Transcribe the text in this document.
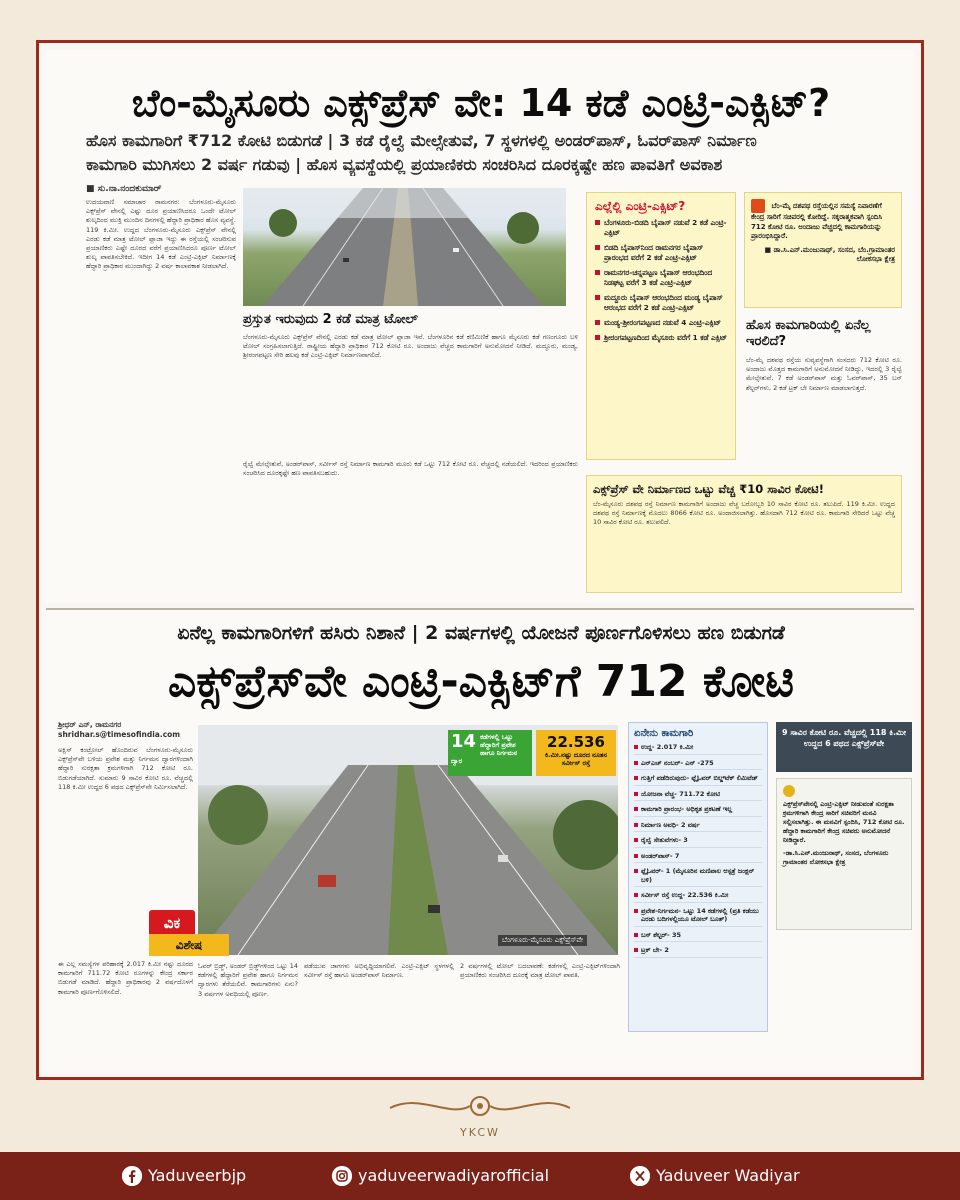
ಬೆಂ-ಮೈಸೂರು ಎಕ್ಸ್‌ಪ್ರೆಸ್ ವೇ: 14 ಕಡೆ ಎಂಟ್ರಿ-ಎಕ್ಸಿಟ್?
ಹೊಸ ಕಾಮಗಾರಿಗೆ ₹712 ಕೋಟಿ ಬಿಡುಗಡೆ | 3 ಕಡೆ ರೈಲ್ವೆ ಮೇಲ್ಸೇತುವೆ, 7 ಸ್ಥಳಗಳಲ್ಲಿ ಅಂಡರ್‌ಪಾಸ್, ಓವರ್‌ಪಾಸ್ ನಿರ್ಮಾಣ
ಕಾಮಗಾರಿ ಮುಗಿಸಲು 2 ವರ್ಷ ಗಡುವು | ಹೊಸ ವ್ಯವಸ್ಥೆಯಲ್ಲಿ ಪ್ರಯಾಣಿಕರು ಸಂಚರಿಸಿದ ದೂರಕ್ಕಷ್ಟೇ ಹಣ ಪಾವತಿಗೆ ಅವಕಾಶ
■ ಸು.ನಾ.ನಂದಕುಮಾರ್
ಉದಯವಾಣಿ ಸಮಾಚಾರ ರಾಮನಗರ: ಬೆಂಗಳೂರು-ಮೈಸೂರು ಎಕ್ಸ್‌ಪ್ರೆಸ್ ವೇನಲ್ಲಿ ಎಷ್ಟು ದೂರ ಪ್ರಯಾಣಿಸಿದರೂ ಒಂದೇ ಟೋಲ್ ಶುಲ್ಕದಿಂದ ಮುಕ್ತಿ ಮುಂದಿನ ದಿನಗಳಲ್ಲಿ ಹೆದ್ದಾರಿ ಪ್ರಾಧಿಕಾರ ಹೊಸ ವ್ಯವಸ್ಥೆ. 119 ಕಿ.ಮೀ. ಉದ್ದದ ಬೆಂಗಳೂರು-ಮೈಸೂರು ಎಕ್ಸ್‌ಪ್ರೆಸ್ ವೇನಲ್ಲಿ ಎರಡು ಕಡೆ ಮಾತ್ರ ಟೋಲ್ ಪ್ಲಾಜಾ ಇದ್ದು ಈ ರಸ್ತೆಯಲ್ಲಿ ಸಂಚರಿಸುವ ಪ್ರಯಾಣಿಕರು ಎಷ್ಟೇ ದೂರದ ವರೆಗೆ ಪ್ರಯಾಣಿಸಿದರೂ ಪೂರ್ಣ ಟೋಲ್ ಶುಲ್ಕ ಪಾವತಿಸಬೇಕಿದೆ. ಇದೀಗ 14 ಕಡೆ ಎಂಟ್ರಿ-ಎಕ್ಸಿಟ್ ನಿರ್ಮಾಣಕ್ಕೆ ಹೆದ್ದಾರಿ ಪ್ರಾಧಿಕಾರ ಮುಂದಾಗಿದ್ದು 2 ವರ್ಷ ಕಾಲಾವಕಾಶ ನೀಡಲಾಗಿದೆ.
ಪ್ರಸ್ತುತ ಇರುವುದು 2 ಕಡೆ ಮಾತ್ರ ಟೋಲ್
ಬೆಂಗಳೂರು-ಮೈಸೂರು ಎಕ್ಸ್‌ಪ್ರೆಸ್ ವೇನಲ್ಲಿ ಎರಡು ಕಡೆ ಮಾತ್ರ ಟೋಲ್ ಪ್ಲಾಜಾ ಇವೆ. ಬೆಂಗಳೂರಿನ ಕಡೆ ಕಣಿಮಿಣಿಕೆ ಹಾಗೂ ಮೈಸೂರು ಕಡೆ ಗಣಂಗೂರು ಬಳಿ ಟೋಲ್ ಸಂಗ್ರಹಿಸಲಾಗುತ್ತಿದೆ. ರಾಷ್ಟ್ರೀಯ ಹೆದ್ದಾರಿ ಪ್ರಾಧಿಕಾರ 712 ಕೋಟಿ ರೂ. ಅಂದಾಜು ವೆಚ್ಚದ ಕಾಮಗಾರಿಗೆ ಅನುಮೋದನೆ ನೀಡಿದೆ. ಮದ್ದೂರು, ಮಂಡ್ಯ, ಶ್ರೀರಂಗಪಟ್ಟಣ ಸೇರಿ ಹಲವು ಕಡೆ ಎಂಟ್ರಿ-ಎಕ್ಸಿಟ್ ನಿರ್ಮಾಣವಾಗಲಿದೆ.
ರೈಲ್ವೆ ಮೇಲ್ಸೇತುವೆ, ಅಂಡರ್‌ಪಾಸ್, ಸರ್ವೀಸ್ ರಸ್ತೆ ನಿರ್ಮಾಣ ಕಾಮಗಾರಿ ಮೂರು ಕಡೆ ಒಟ್ಟು 712 ಕೋಟಿ ರೂ. ವೆಚ್ಚದಲ್ಲಿ ನಡೆಯಲಿದೆ. ಇದರಿಂದ ಪ್ರಯಾಣಿಕರು ಸಂಚರಿಸಿದ ದೂರಕ್ಕಷ್ಟೇ ಹಣ ಪಾವತಿಸಬಹುದು.
ಎಲ್ಲೆಲ್ಲಿ ಎಂಟ್ರಿ-ಎಕ್ಸಿಟ್?
ಬೆಂಗಳೂರು-ಬಿಡದಿ ಬೈಪಾಸ್ ನಡುವೆ 2 ಕಡೆ ಎಂಟ್ರಿ-ಎಕ್ಸಿಟ್
ಬಿಡದಿ ಬೈಪಾಸ್‌ನಿಂದ ರಾಮನಗರ ಬೈಪಾಸ್ ಪ್ರಾರಂಭದ ವರೆಗೆ 2 ಕಡೆ ಎಂಟ್ರಿ-ಎಕ್ಸಿಟ್
ರಾಮನಗರ-ಚನ್ನಪಟ್ಟಣ ಬೈಪಾಸ್ ಆರಂಭದಿಂದ ನಿಡಘಟ್ಟ ವರೆಗೆ 3 ಕಡೆ ಎಂಟ್ರಿ-ಎಕ್ಸಿಟ್
ಮದ್ದೂರು ಬೈಪಾಸ್ ಆರಂಭದಿಂದ ಮಂಡ್ಯ ಬೈಪಾಸ್ ಆರಂಭದ ವರೆಗೆ 2 ಕಡೆ ಎಂಟ್ರಿ-ಎಕ್ಸಿಟ್
ಮಂಡ್ಯ-ಶ್ರೀರಂಗಪಟ್ಟಣದ ನಡುವೆ 4 ಎಂಟ್ರಿ-ಎಕ್ಸಿಟ್
ಶ್ರೀರಂಗಪಟ್ಟಣದಿಂದ ಮೈಸೂರು ವರೆಗೆ 1 ಕಡೆ ಎಕ್ಸಿಟ್
ಬೆಂ-ಮೈ ದಶಪಥ ರಸ್ತೆಯಲ್ಲಿನ ಸಮಸ್ಯೆ ನಿವಾರಣೆಗೆ ಕೇಂದ್ರ ಸಾರಿಗೆ ಸಚಿವರಲ್ಲಿ ಕೋರಿದ್ದೆ. ಸಕ್ಕರಾತ್ಮಕವಾಗಿ ಸ್ಪಂದಿಸಿ 712 ಕೋಟಿ ರೂ. ಅಂದಾಜು ವೆಚ್ಚದಲ್ಲಿ ಕಾಮಗಾರಿಯನ್ನು ಪ್ರಾರಂಭಿಸಿದ್ದಾರೆ.
■ ಡಾ.ಸಿ.ಎನ್.ಮಂಜುನಾಥ್, ಸಂಸದ, ಬೆಂ.ಗ್ರಾಮಾಂತರ ಲೋಕಸಭಾ ಕ್ಷೇತ್ರ
ಹೊಸ ಕಾಮಗಾರಿಯಲ್ಲಿ ಏನೆಲ್ಲ ಇರಲಿದೆ?
ಬೆಂ-ಮೈ ದಶಪಥ ರಸ್ತೆಯ ಸುವ್ಯವಸ್ಥೆಗಾಗಿ ಸಂಸದರು 712 ಕೋಟಿ ರೂ. ಅಂದಾಜು ಮೊತ್ತದ ಕಾಮಗಾರಿಗೆ ಅನುಮೋದನೆ ನೀಡಿದ್ದು, ಇದರಲ್ಲಿ 3 ರೈಲ್ವೆ ಮೇಲ್ಸೇತುವೆ, 7 ಕಡೆ ಅಂಡರ್‌ಪಾಸ್ ಮತ್ತು ಓವರ್‌ಪಾಸ್, 35 ಬಸ್ ಶೆಲ್ಟರ್‌ಗಳು, 2 ಕಡೆ ಟ್ರಕ್ ಬೇ ನಿರ್ಮಾಣ ಮಾಡಲಾಗುತ್ತದೆ.
ಎಕ್ಸ್‌ಪ್ರೆಸ್ ವೇ ನಿರ್ಮಾಣದ ಒಟ್ಟು ವೆಚ್ಚ ₹10 ಸಾವಿರ ಕೋಟಿ!
ಬೆಂ-ಮೈಸೂರು ದಶಪಥ ರಸ್ತೆ ನಿರ್ಮಾಣ ಕಾಮಗಾರಿಗೆ ಅಂದಾಜು ವೆಚ್ಚ ಬರೋಬ್ಬರಿ 10 ಸಾವಿರ ಕೋಟಿ ರೂ. ತಲುಪಿದೆ. 119 ಕಿ.ಮೀ. ಉದ್ದದ ದಶಪಥ ರಸ್ತೆ ನಿರ್ಮಾಣಕ್ಕೆ ಮೊದಲು 8066 ಕೋಟಿ ರೂ. ಅಂದಾಜಿಸಲಾಗಿತ್ತು. ಹೊಸದಾಗಿ 712 ಕೋಟಿ ರೂ. ಕಾಮಗಾರಿ ಸೇರಿದರೆ ಒಟ್ಟು ವೆಚ್ಚ 10 ಸಾವಿರ ಕೋಟಿ ರೂ. ತಲುಪಲಿದೆ.
ಏನೆಲ್ಲ ಕಾಮಗಾರಿಗಳಿಗೆ ಹಸಿರು ನಿಶಾನೆ | 2 ವರ್ಷಗಳಲ್ಲಿ ಯೋಜನೆ ಪೂರ್ಣಗೊಳಿಸಲು ಹಣ ಬಿಡುಗಡೆ
ಎಕ್ಸ್‌ಪ್ರೆಸ್‌ವೇ ಎಂಟ್ರಿ-ಎಕ್ಸಿಟ್‌ಗೆ 712 ಕೋಟಿ
ಶ್ರೀಧರ್ ಎನ್, ರಾಮನಗರ
shridhar.s@timesofindia.com
ಅಕ್ಷಿಸ್ ಕಂಟ್ರೋಲ್ ಹೊಂದಿರುವ ಬೆಂಗಳೂರು-ಮೈಸೂರು ಎಕ್ಸ್‌ಪ್ರೆಸ್‌ವೇ ಬಳಿಯ ಪ್ರವೇಶ ಮತ್ತು ನಿರ್ಗಮನ ದ್ವಾರಗಳಿಂದಾಗಿ ಹೆದ್ದಾರಿ ಸುರಕ್ಷತಾ ಕ್ರಮಗಳಿಗಾಗಿ 712 ಕೋಟಿ ರೂ. ಬಿಡುಗಡೆಯಾಗಿದೆ. ಸುಮಾರು 9 ಸಾವಿರ ಕೋಟಿ ರೂ. ವೆಚ್ಚದಲ್ಲಿ 118 ಕಿ.ಮೀ ಉದ್ದದ 6 ಪಥದ ಎಕ್ಸ್‌ಪ್ರೆಸ್‌ವೇ ನಿರ್ಮಿಸಲಾಗಿದೆ.
ಈ ಎಲ್ಲ ಸಮಸ್ಯೆಗಳ ಪರಿಹಾರಕ್ಕೆ 2.017 ಕಿ.ಮೀ ನಷ್ಟು ದೂರದ ಕಾಮಗಾರಿಗೆ 711.72 ಕೋಟಿ ರೂಗಳನ್ನು ಕೇಂದ್ರ ಸರ್ಕಾರ ಬಿಡುಗಡೆ ಮಾಡಿದೆ. ಹೆದ್ದಾರಿ ಪ್ರಾಧಿಕಾರವು 2 ವರ್ಷದೊಳಗೆ ಕಾಮಗಾರಿ ಪೂರ್ಣಗೊಳಿಸಲಿದೆ.
14 ಕಡೆಗಳಲ್ಲಿ ಒಟ್ಟು ಹೆದ್ದಾರಿಗೆ ಪ್ರವೇಶ ಹಾಗೂ ನಿರ್ಗಮನ ದ್ವಾರ
22.536
ಕಿ.ಮೀ.ನಷ್ಟು ದೂರದ ನೂತನ ಸರ್ವೀಸ್ ರಸ್ತೆ
ಬೆಂಗಳೂರು-ಮೈಸೂರು ಎಕ್ಸ್‌ಪ್ರೆಸ್‌ವೇ
ವಿಕ
ವಿಶೇಷ
ಓವರ್ ಬ್ರಿಡ್ಜ್, ಅಂಡರ್ ಬ್ರಿಡ್ಜ್‌ಗಳಿಂದ ಒಟ್ಟು 14 ಕಡೆಗಳಲ್ಲಿ ಹೆದ್ದಾರಿಗೆ ಪ್ರವೇಶ ಹಾಗೂ ನಿರ್ಗಮನ ದ್ವಾರಗಳು ತೆರೆಯಲಿವೆ. ಕಾಮಗಾರಿಗಳು ಏನು? 3 ವರ್ಷಗಳ ಅವಧಿಯಲ್ಲಿ ಪೂರ್ಣ.
ಪಡೆಯುವ ಜಾಗಗಳು ಅಭಿವೃದ್ಧಿಯಾಗಲಿವೆ. ಎಂಟ್ರಿ-ಎಕ್ಸಿಟ್ ಸ್ಥಳಗಳಲ್ಲಿ ಸರ್ವೀಸ್ ರಸ್ತೆ ಹಾಗೂ ಅಂಡರ್‌ಪಾಸ್ ನಿರ್ಮಾಣ.
2 ವರ್ಷಗಳಲ್ಲಿ ಟೋಲ್ ಬದಲಾವಣೆ: ಕಡೆಗಳಲ್ಲಿ ಎಂಟ್ರಿ-ಎಕ್ಸಿಟ್‌ಗಳಿಂದಾಗಿ ಪ್ರಯಾಣಿಕರು ಸಂಚರಿಸಿದ ದೂರಕ್ಕೆ ಮಾತ್ರ ಟೋಲ್ ಪಾವತಿ.
ಏನೇನು ಕಾಮಗಾರಿ
ಉದ್ದ- 2.017 ಕಿ.ಮೀ
ಎನ್‌ಎಚ್ ನಂಬರ್- ಎನ್ -275
ಗುತ್ತಿಗೆ ಪಡೆದಿರುವುದು- ಫ್ಲೈಓವರ್ ಬಿಲ್ಡ್‌ಟೆಕ್ ಲಿಮಿಟೆಡ್
ಯೋಜನಾ ವೆಚ್ಚ- 711.72 ಕೋಟಿ
ಕಾಮಗಾರಿ ಪ್ರಾರಂಭ- ಅಧಿಕೃತ ಪ್ರಕಟಣೆ ಇಲ್ಲ
ನಿರ್ಮಾಣ ಅವಧಿ- 2 ವರ್ಷ
ರೈಲ್ವೆ ಸೇತುವೆಗಳು- 3
ಅಂಡರ್‌ಪಾಸ್- 7
ಫ್ಲೈಓವರ್- 1 (ಮೈಸೂರಿನ ಮಣಿಪಾಲ ಆಸ್ಪತ್ರೆ ಜಂಕ್ಷನ್ ಬಳಿ)
ಸರ್ವೀಸ್ ರಸ್ತೆ ಉದ್ದ- 22.536 ಕಿ.ಮೀ
ಪ್ರವೇಶ-ನಿರ್ಗಮನ- ಒಟ್ಟು 14 ಕಡೆಗಳಲ್ಲಿ (ಪ್ರತಿ ಕಡೆಯು ಎರಡು ಬದಿಗಳಲ್ಲಿಯೂ ಟೋಲ್ ಬೂತ್)
ಬಸ್ ಶೆಲ್ಟರ್- 35
ಟ್ರಕ್ ಬೇ- 2
9 ಸಾವಿರ ಕೋಟಿ ರೂ. ವೆಚ್ಚದಲ್ಲಿ 118 ಕಿ.ಮೀ ಉದ್ದದ 6 ಪಥದ ಎಕ್ಸ್‌ಪ್ರೆಸ್‌ವೇ
ಎಕ್ಸ್‌ಪ್ರೆಸ್‌ವೇನಲ್ಲಿ ಎಂಟ್ರಿ-ಎಕ್ಸಿಟ್ ನೀಡುವಂತೆ ಸುರಕ್ಷತಾ ಕ್ರಮಗಳಿಗಾಗಿ ಕೇಂದ್ರ ಸಾರಿಗೆ ಸಚಿವರಿಗೆ ಮನವಿ ಸಲ್ಲಿಸಲಾಗಿತ್ತು. ಈ ಮನವಿಗೆ ಸ್ಪಂದಿಸಿ, 712 ಕೋಟಿ ರೂ. ಹೆದ್ದಾರಿ ಕಾಮಗಾರಿಗೆ ಕೇಂದ್ರ ಸಚಿವರು ಅನುಮೋದನೆ ನೀಡಿದ್ದಾರೆ.
-ಡಾ.ಸಿ.ಎನ್.ಮಂಜುನಾಥ್, ಸಂಸದ, ಬೆಂಗಳೂರು ಗ್ರಾಮಾಂತರ ಲೋಕಸಭಾ ಕ್ಷೇತ್ರ
YKCW
Yaduveerbjp	yaduveerwadiyarofficial	Yaduveer Wadiyar
